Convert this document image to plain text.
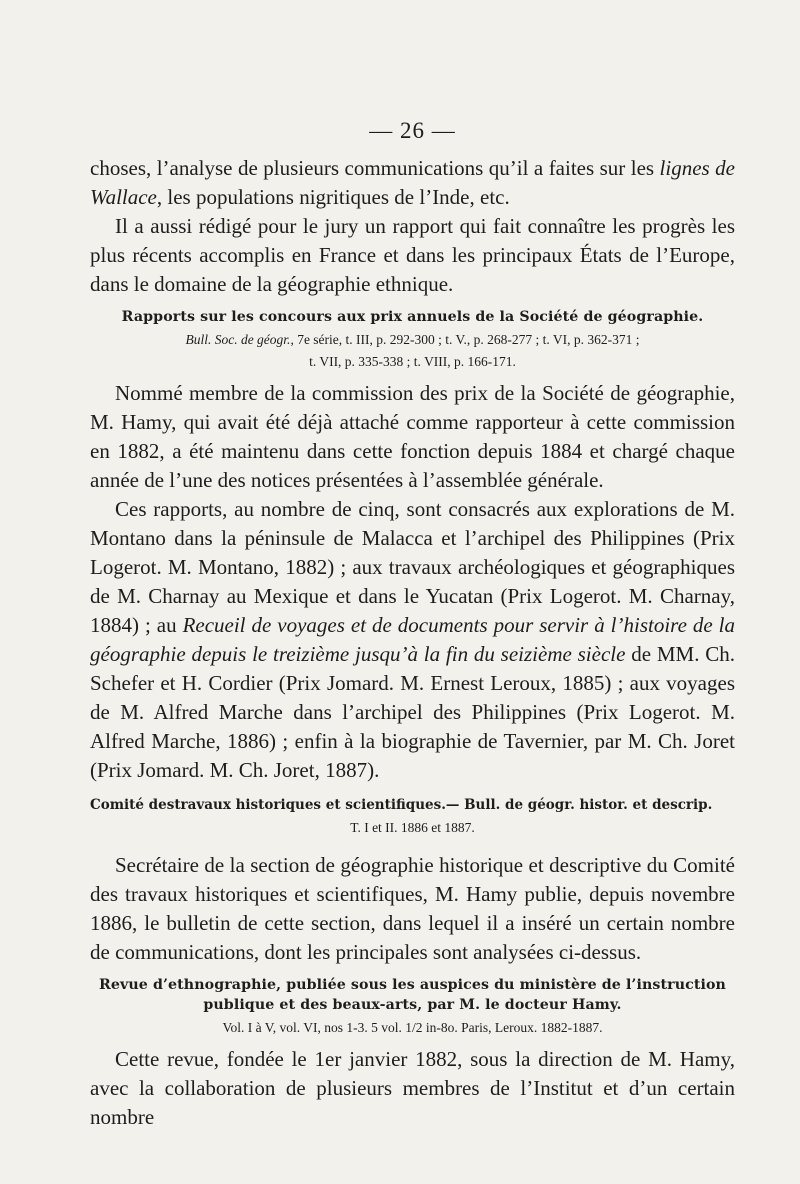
— 26 —

choses, l’analyse de plusieurs communications qu’il a faites sur les lignes de Wallace, les populations nigritiques de l’Inde, etc.

Il a aussi rédigé pour le jury un rapport qui fait connaître les progrès les plus récents accomplis en France et dans les principaux États de l’Europe, dans le domaine de la géographie ethnique.

Rapports sur les concours aux prix annuels de la Société de géographie.
Bull. Soc. de géogr., 7e série, t. III, p. 292-300 ; t. V., p. 268-277 ; t. VI, p. 362-371 ;
t. VII, p. 335-338 ; t. VIII, p. 166-171.

Nommé membre de la commission des prix de la Société de géographie, M. Hamy, qui avait été déjà attaché comme rapporteur à cette commission en 1882, a été maintenu dans cette fonction depuis 1884 et chargé chaque année de l’une des notices présentées à l’assemblée générale.

Ces rapports, au nombre de cinq, sont consacrés aux explorations de M. Montano dans la péninsule de Malacca et l’archipel des Philippines (Prix Logerot. M. Montano, 1882) ; aux travaux archéologiques et géographiques de M. Charnay au Mexique et dans le Yucatan (Prix Logerot. M. Charnay, 1884) ; au Recueil de voyages et de documents pour servir à l’histoire de la géographie depuis le treizième jusqu’à la fin du seizième siècle de MM. Ch. Schefer et H. Cordier (Prix Jomard. M. Ernest Leroux, 1885) ; aux voyages de M. Alfred Marche dans l’archipel des Philippines (Prix Logerot. M. Alfred Marche, 1886) ; enfin à la biographie de Tavernier, par M. Ch. Joret (Prix Jomard. M. Ch. Joret, 1887).

Comité destravaux historiques et scientifiques.— Bull. de géogr. histor. et descrip.
T. I et II. 1886 et 1887.

Secrétaire de la section de géographie historique et descriptive du Comité des travaux historiques et scientifiques, M. Hamy publie, depuis novembre 1886, le bulletin de cette section, dans lequel il a inséré un certain nombre de communications, dont les principales sont analysées ci-dessus.

Revue d’ethnographie, publiée sous les auspices du ministère de l’instruction publique et des beaux-arts, par M. le docteur Hamy.
Vol. I à V, vol. VI, nos 1-3. 5 vol. 1/2 in-8o. Paris, Leroux. 1882-1887.

Cette revue, fondée le 1er janvier 1882, sous la direction de M. Hamy, avec la collaboration de plusieurs membres de l’Institut et d’un certain nombre
